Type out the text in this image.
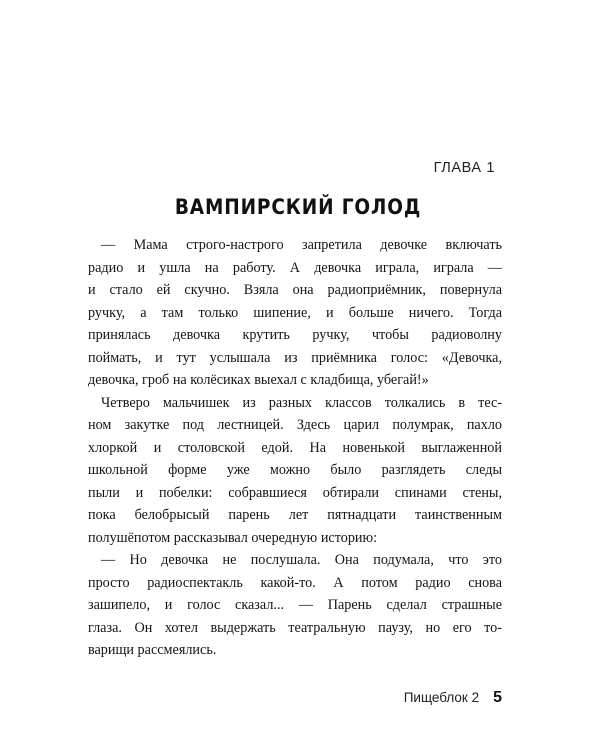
ГЛАВА 1
ВАМПИРСКИЙ ГОЛОД
— Мама строго-настрого запретила девочке включать
радио и ушла на работу. А девочка играла, играла —
и стало ей скучно. Взяла она радиоприёмник, повернула
ручку, а там только шипение, и больше ничего. Тогда
принялась девочка крутить ручку, чтобы радиоволну
поймать, и тут услышала из приёмника голос: «Девочка,
девочка, гроб на колёсиках выехал с кладбища, убегай!»
Четверо мальчишек из разных классов толкались в тес-
ном закутке под лестницей. Здесь царил полумрак, пахло
хлоркой и столовской едой. На новенькой выглаженной
школьной форме уже можно было разглядеть следы
пыли и побелки: собравшиеся обтирали спинами стены,
пока белобрысый парень лет пятнадцати таинственным
полушёпотом рассказывал очередную историю:
— Но девочка не послушала. Она подумала, что это
просто радиоспектакль какой-то. А потом радио снова
зашипело, и голос сказал... — Парень сделал страшные
глаза. Он хотел выдержать театральную паузу, но его то-
варищи рассмеялись.
Пищеблок 2 5
